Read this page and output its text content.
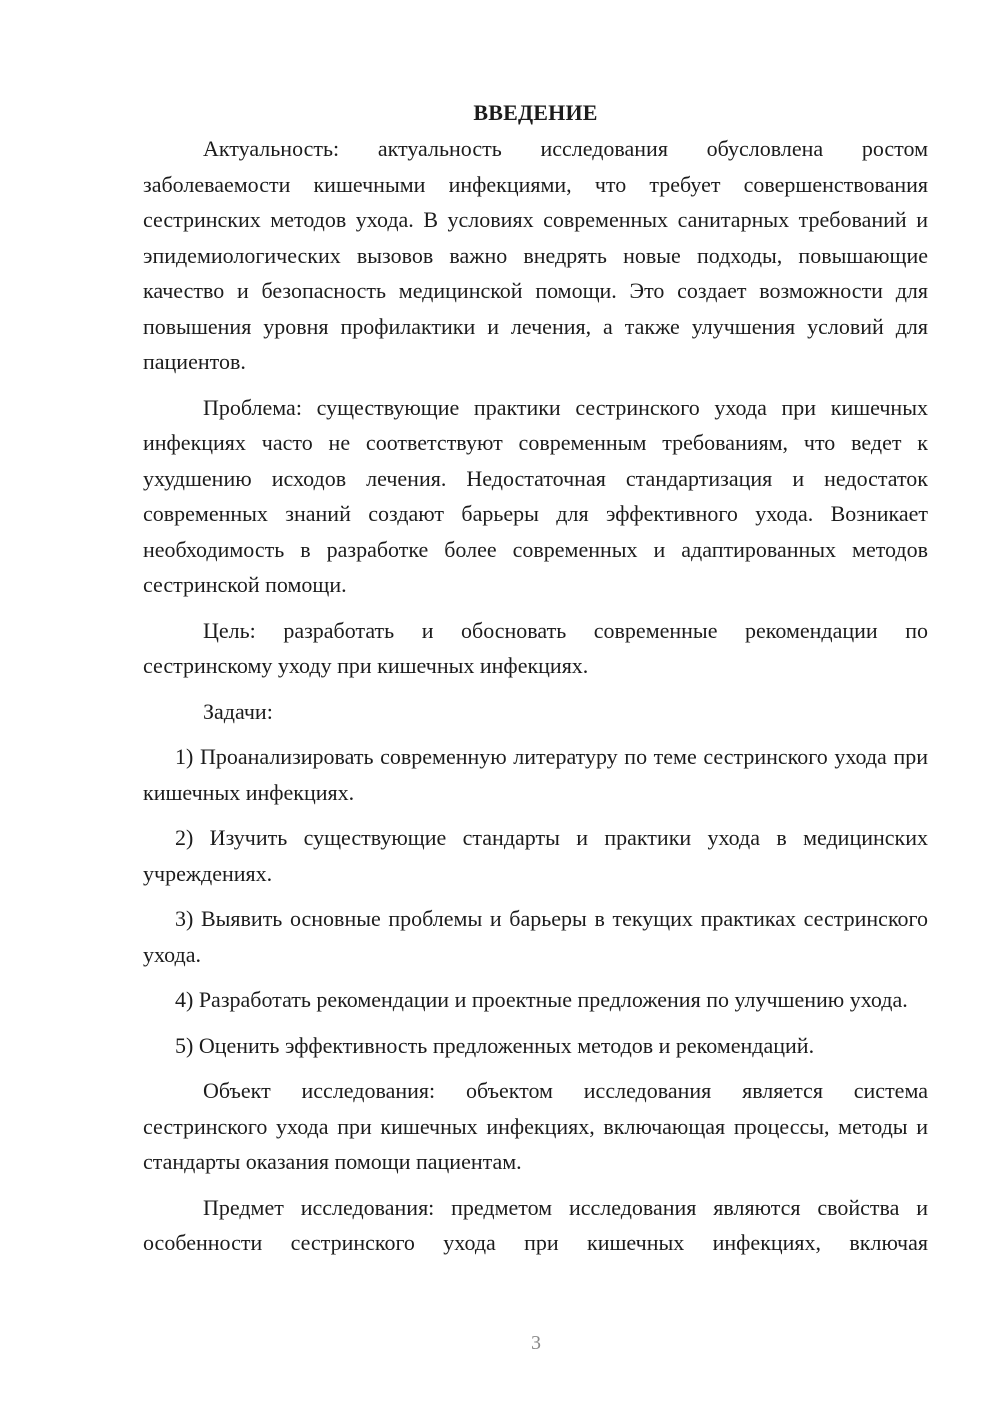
ВВЕДЕНИЕ

Актуальность: актуальность исследования обусловлена ростом заболеваемости кишечными инфекциями, что требует совершенствования сестринских методов ухода. В условиях современных санитарных требований и эпидемиологических вызовов важно внедрять новые подходы, повышающие качество и безопасность медицинской помощи. Это создает возможности для повышения уровня профилактики и лечения, а также улучшения условий для пациентов.

Проблема: существующие практики сестринского ухода при кишечных инфекциях часто не соответствуют современным требованиям, что ведет к ухудшению исходов лечения. Недостаточная стандартизация и недостаток современных знаний создают барьеры для эффективного ухода. Возникает необходимость в разработке более современных и адаптированных методов сестринской помощи.

Цель: разработать и обосновать современные рекомендации по сестринскому уходу при кишечных инфекциях.

Задачи:

1) Проанализировать современную литературу по теме сестринского ухода при кишечных инфекциях.

2) Изучить существующие стандарты и практики ухода в медицинских учреждениях.

3) Выявить основные проблемы и барьеры в текущих практиках сестринского ухода.

4) Разработать рекомендации и проектные предложения по улучшению ухода.

5) Оценить эффективность предложенных методов и рекомендаций.

Объект исследования: объектом исследования является система сестринского ухода при кишечных инфекциях, включающая процессы, методы и стандарты оказания помощи пациентам.

Предмет исследования: предметом исследования являются свойства и особенности сестринского ухода при кишечных инфекциях, включая

3
